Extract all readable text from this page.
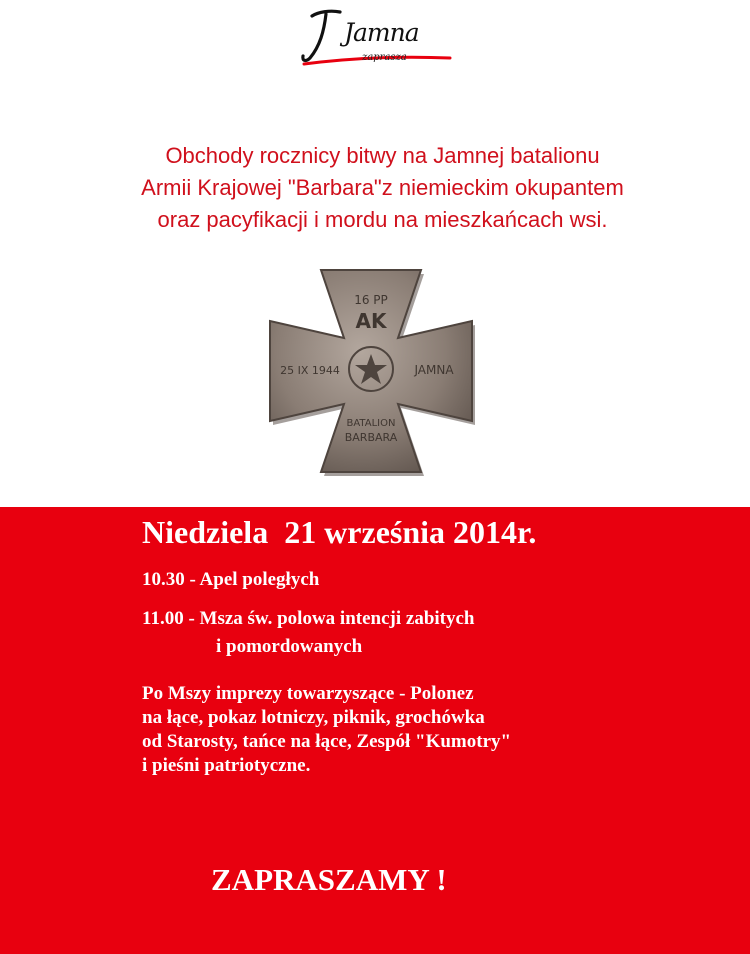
Jamna
zaprasza
Obchody rocznicy bitwy na Jamnej batalionu
Armii Krajowej "Barbara"z niemieckim okupantem
oraz pacyfikacji i mordu na mieszkańcach wsi.
16 PP
AK
25 IX 1944	JAMNA
BATALION
BARBARA
Niedziela  21 września 2014r.
10.30 - Apel poległych
11.00 - Msza św. polowa intencji zabitych
i pomordowanych
Po Mszy imprezy towarzyszące - Polonez
na łące, pokaz lotniczy, piknik, grochówka
od Starosty, tańce na łące, Zespół "Kumotry"
i pieśni patriotyczne.
ZAPRASZAMY !
